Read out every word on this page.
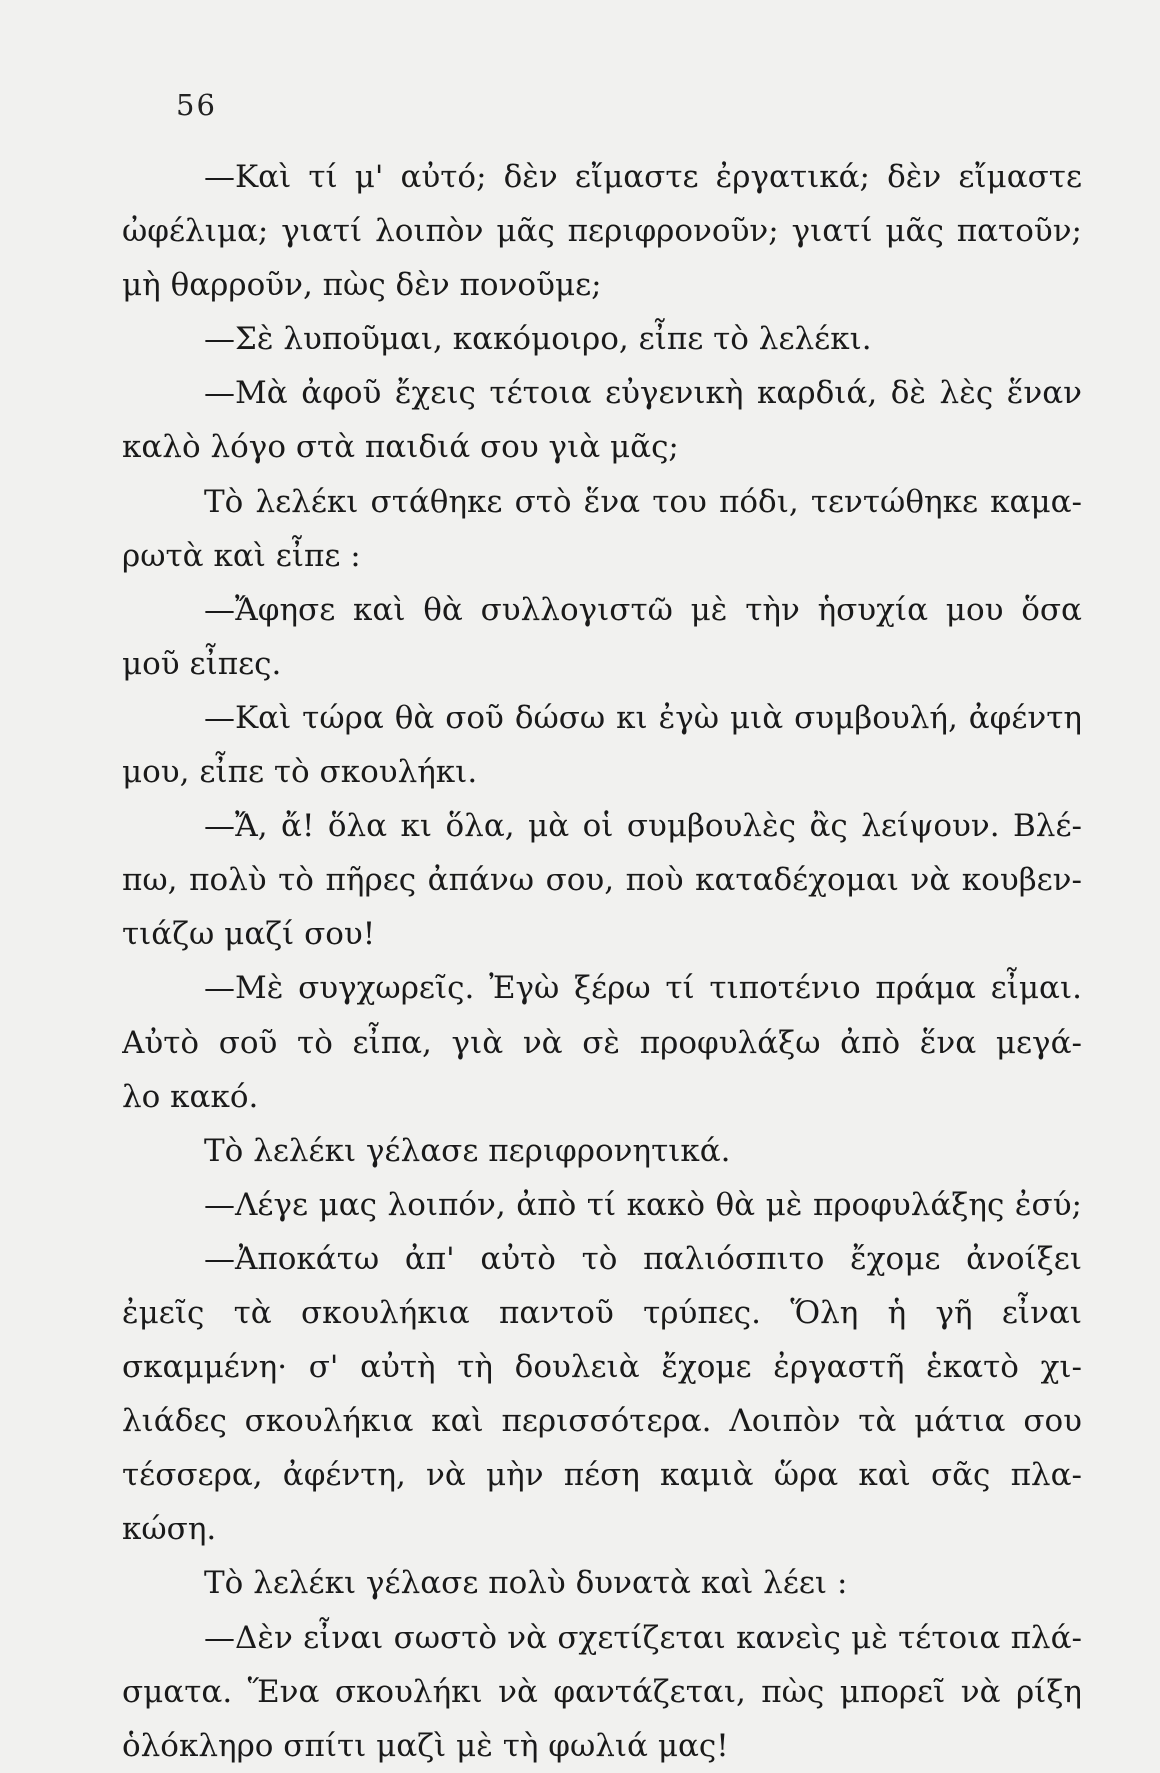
56
—Καὶ τί μ' αὐτό; δὲν εἴμαστε ἐργατικά; δὲν εἴμαστε
ὠφέλιμα; γιατί λοιπὸν μᾶς περιφρονοῦν; γιατί μᾶς πατοῦν;
μὴ θαρροῦν, πὼς δὲν πονοῦμε;
—Σὲ λυποῦμαι, κακόμοιρο, εἶπε τὸ λελέκι.
—Μὰ ἀφοῦ ἔχεις τέτοια εὐγενικὴ καρδιά, δὲ λὲς ἕναν
καλὸ λόγο στὰ παιδιά σου γιὰ μᾶς;
Τὸ λελέκι στάθηκε στὸ ἕνα του πόδι, τεντώθηκε καμα-
ρωτὰ καὶ εἶπε :
—Ἄφησε καὶ θὰ συλλογιστῶ μὲ τὴν ἡσυχία μου ὅσα
μοῦ εἶπες.
—Καὶ τώρα θὰ σοῦ δώσω κι ἐγὼ μιὰ συμβουλή, ἀφέντη
μου, εἶπε τὸ σκουλήκι.
—Ἄ, ἄ! ὅλα κι ὅλα, μὰ οἱ συμβουλὲς ἂς λείψουν. Βλέ-
πω, πολὺ τὸ πῆρες ἀπάνω σου, ποὺ καταδέχομαι νὰ κουβεν-
τιάζω μαζί σου!
—Μὲ συγχωρεῖς. Ἐγὼ ξέρω τί τιποτένιο πράμα εἶμαι.
Αὐτὸ σοῦ τὸ εἶπα, γιὰ νὰ σὲ προφυλάξω ἀπὸ ἕνα μεγά-
λο κακό.
Τὸ λελέκι γέλασε περιφρονητικά.
—Λέγε μας λοιπόν, ἀπὸ τί κακὸ θὰ μὲ προφυλάξης ἐσύ;
—Ἀποκάτω ἀπ' αὐτὸ τὸ παλιόσπιτο ἔχομε ἀνοίξει
ἐμεῖς τὰ σκουλήκια παντοῦ τρύπες. Ὅλη ἡ γῆ εἶναι
σκαμμένη· σ' αὐτὴ τὴ δουλειὰ ἔχομε ἐργαστῆ ἑκατὸ χι-
λιάδες σκουλήκια καὶ περισσότερα. Λοιπὸν τὰ μάτια σου
τέσσερα, ἀφέντη, νὰ μὴν πέση καμιὰ ὥρα καὶ σᾶς πλα-
κώση.
Τὸ λελέκι γέλασε πολὺ δυνατὰ καὶ λέει :
—Δὲν εἶναι σωστὸ νὰ σχετίζεται κανεὶς μὲ τέτοια πλά-
σματα. Ἕνα σκουλήκι νὰ φαντάζεται, πὼς μπορεῖ νὰ ρίξη
ὁλόκληρο σπίτι μαζὶ μὲ τὴ φωλιά μας!
